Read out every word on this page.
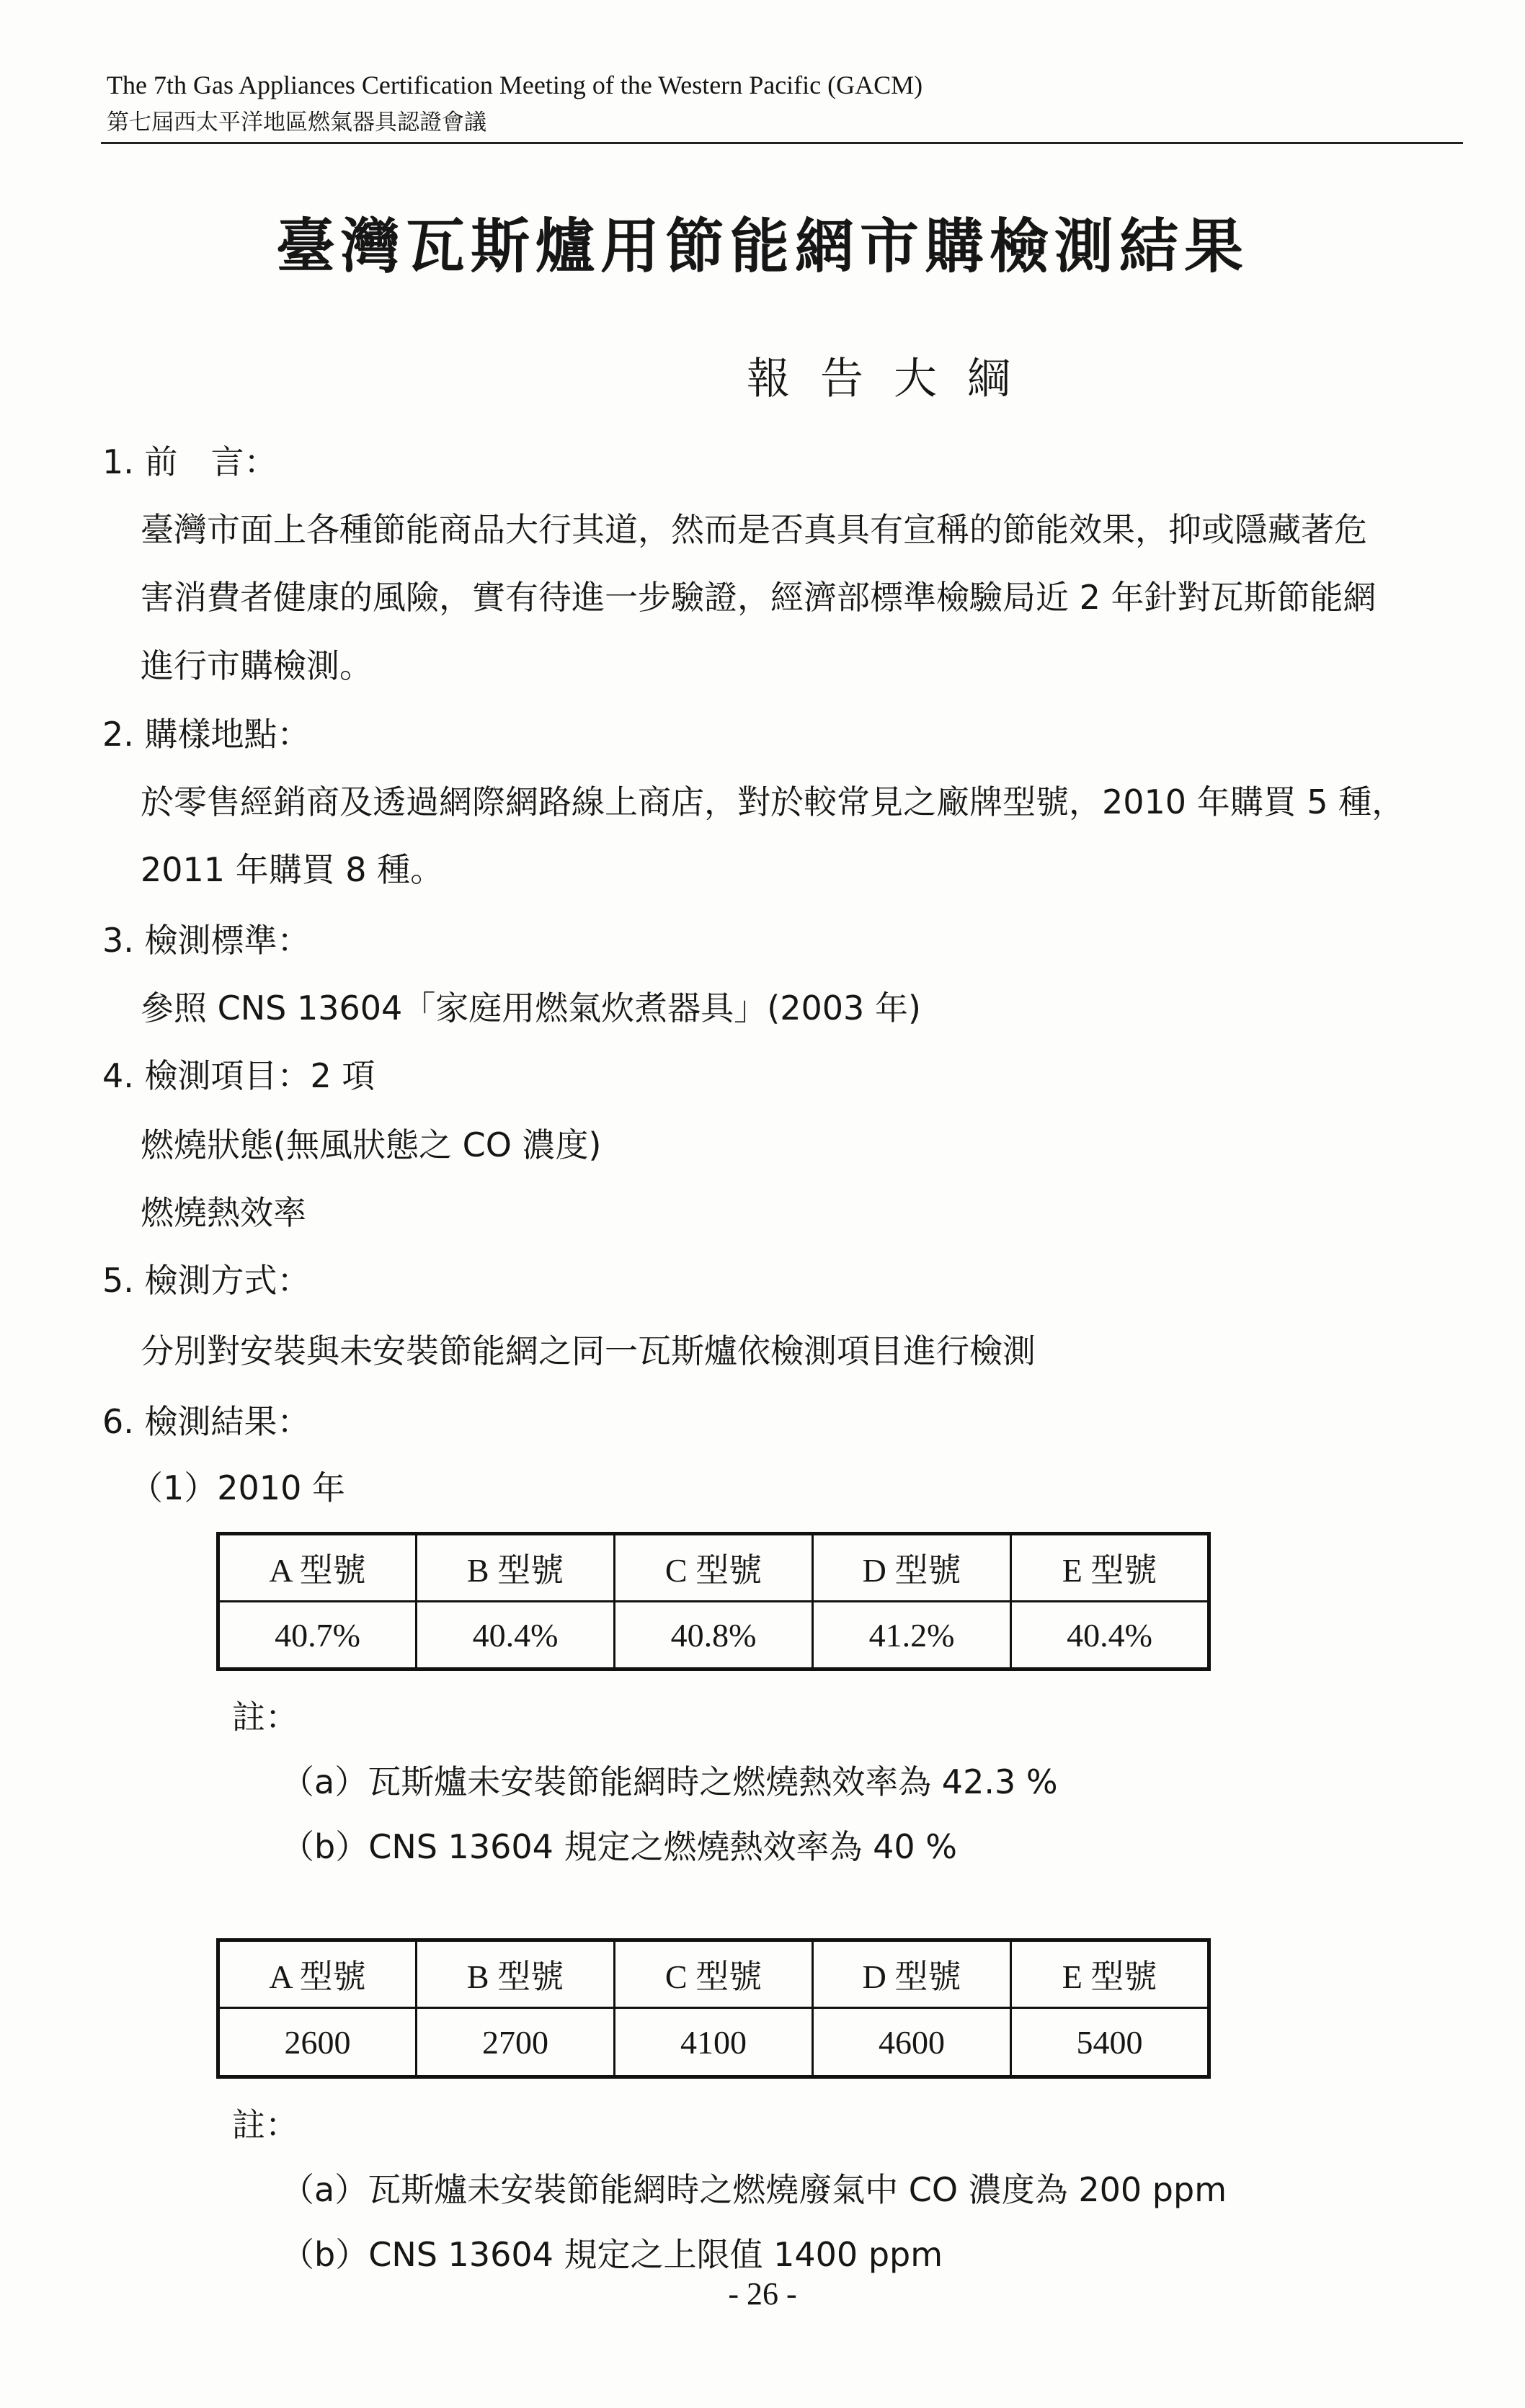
The 7th Gas Appliances Certification Meeting of the Western Pacific (GACM)
第七屆西太平洋地區燃氣器具認證會議
臺灣瓦斯爐用節能網市購檢測結果
報告大綱
1. 前　言：
臺灣市面上各種節能商品大行其道，然而是否真具有宣稱的節能效果，抑或隱藏著危
害消費者健康的風險，實有待進一步驗證，經濟部標準檢驗局近 2 年針對瓦斯節能網
進行市購檢測。
2. 購樣地點：
於零售經銷商及透過網際網路線上商店，對於較常見之廠牌型號，2010 年購買 5 種，
2011 年購買 8 種。
3. 檢測標準：
參照 CNS 13604「家庭用燃氣炊煮器具」(2003 年)
4. 檢測項目：2 項
燃燒狀態(無風狀態之 CO 濃度)
燃燒熱效率
5. 檢測方式：
分別對安裝與未安裝節能網之同一瓦斯爐依檢測項目進行檢測
6. 檢測結果：
（1）2010 年
A 型號	B 型號	C 型號	D 型號	E 型號
40.7%	40.4%	40.8%	41.2%	40.4%
註：
（a）瓦斯爐未安裝節能網時之燃燒熱效率為 42.3 %
（b）CNS 13604 規定之燃燒熱效率為 40 %
A 型號	B 型號	C 型號	D 型號	E 型號
2600	2700	4100	4600	5400
註：
（a）瓦斯爐未安裝節能網時之燃燒廢氣中 CO 濃度為 200 ppm
（b）CNS 13604 規定之上限值 1400 ppm
- 26 -
